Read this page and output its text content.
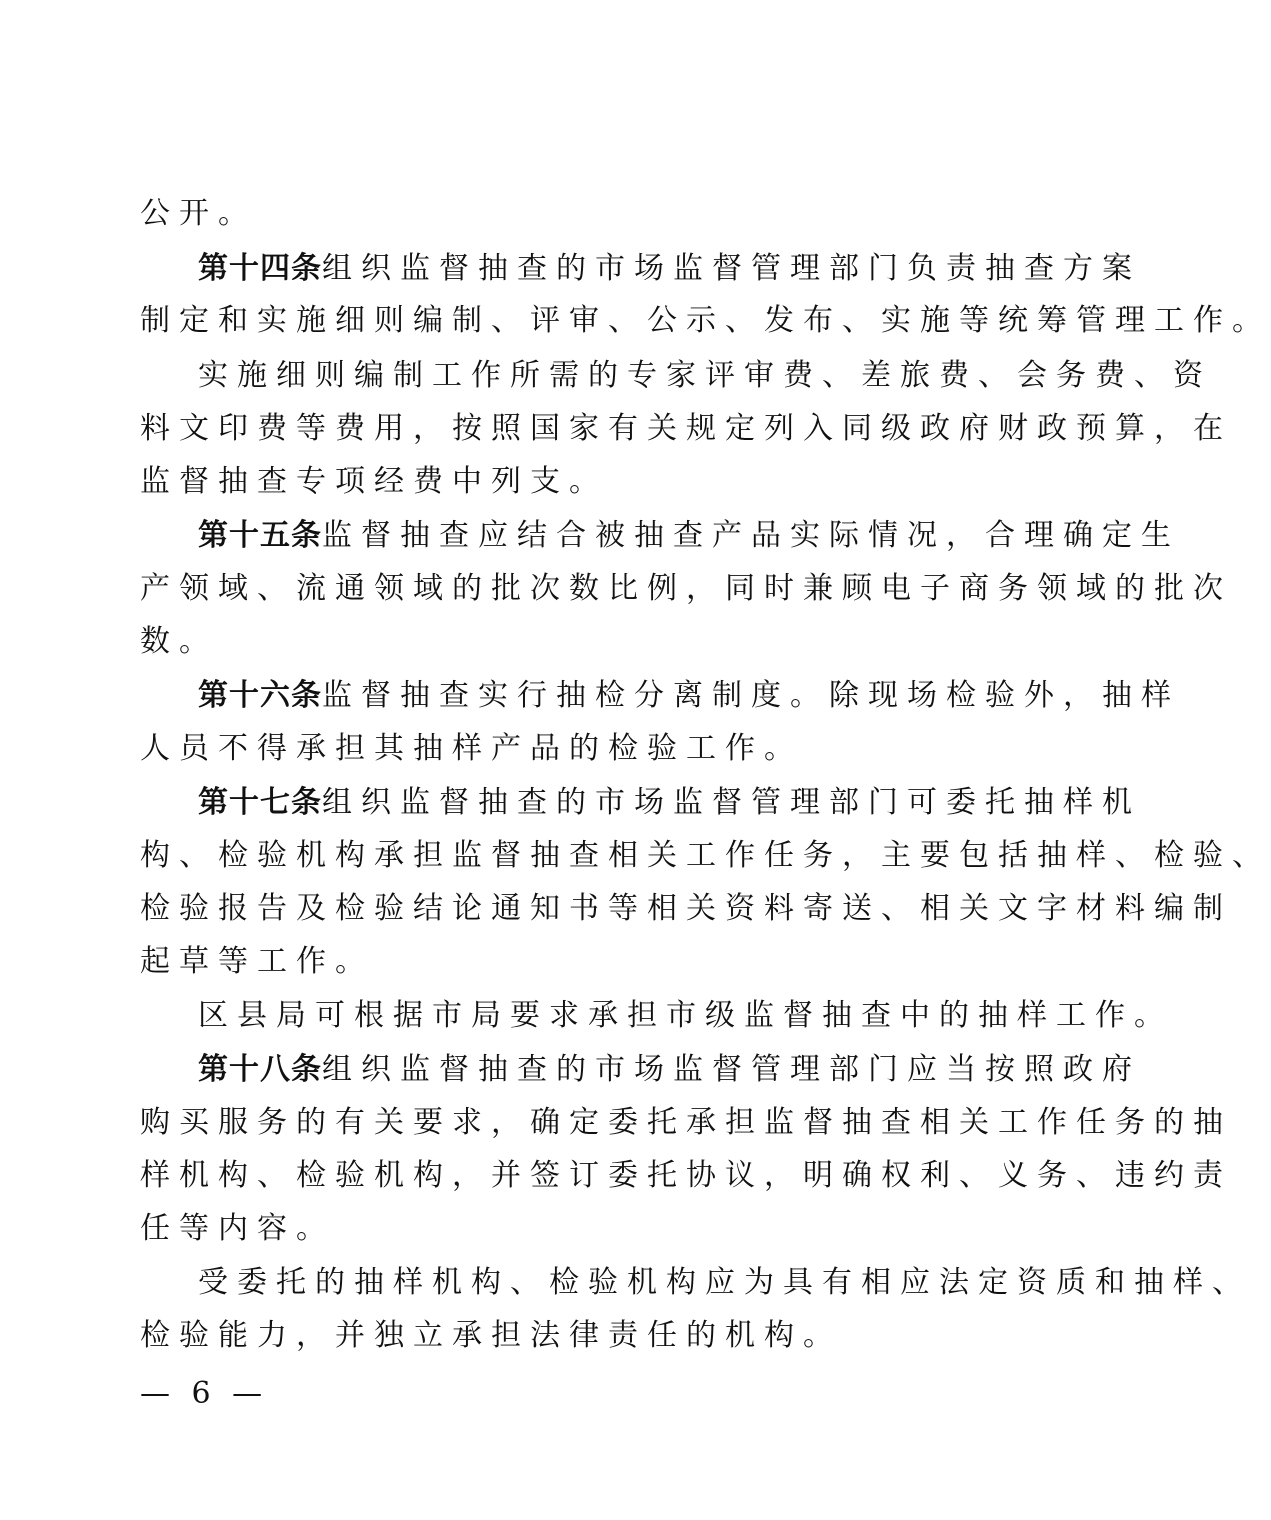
公开。
第十四条组织监督抽查的市场监督管理部门负责抽查方案
制定和实施细则编制、评审、公示、发布、实施等统筹管理工作。
实施细则编制工作所需的专家评审费、差旅费、会务费、资
料文印费等费用，按照国家有关规定列入同级政府财政预算，在
监督抽查专项经费中列支。
第十五条监督抽查应结合被抽查产品实际情况，合理确定生
产领域、流通领域的批次数比例，同时兼顾电子商务领域的批次
数。
第十六条监督抽查实行抽检分离制度。除现场检验外，抽样
人员不得承担其抽样产品的检验工作。
第十七条组织监督抽查的市场监督管理部门可委托抽样机
构、检验机构承担监督抽查相关工作任务，主要包括抽样、检验、
检验报告及检验结论通知书等相关资料寄送、相关文字材料编制
起草等工作。
区县局可根据市局要求承担市级监督抽查中的抽样工作。
第十八条组织监督抽查的市场监督管理部门应当按照政府
购买服务的有关要求，确定委托承担监督抽查相关工作任务的抽
样机构、检验机构，并签订委托协议，明确权利、义务、违约责
任等内容。
受委托的抽样机构、检验机构应为具有相应法定资质和抽样、
检验能力，并独立承担法律责任的机构。
— 6 —
